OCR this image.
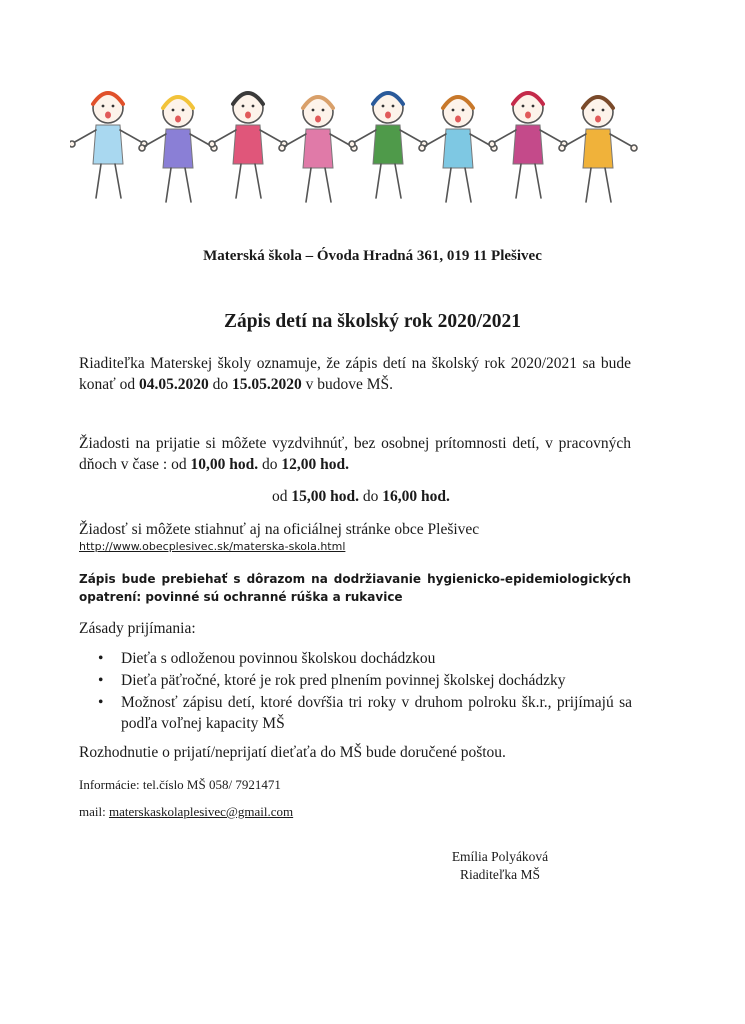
Materská škola – Óvoda Hradná 361, 019 11 Plešivec
Zápis detí na školský rok 2020/2021
Riaditeľka Materskej školy oznamuje, že zápis detí na školský rok 2020/2021 sa bude konať od 04.05.2020 do 15.05.2020 v budove MŠ.
Žiadosti na prijatie si môžete vyzdvihnúť, bez osobnej prítomnosti detí, v pracovných dňoch v čase : od 10,00 hod. do 12,00 hod.
od 15,00 hod. do 16,00 hod.
Žiadosť si môžete stiahnuť aj na oficiálnej stránke obce Plešivec
http://www.obecplesivec.sk/materska-skola.html
Zápis bude prebiehať s dôrazom na dodržiavanie hygienicko-epidemiologických opatrení: povinné sú ochranné rúška a rukavice
Zásady prijímania:
• Dieťa s odloženou povinnou školskou dochádzkou
• Dieťa päťročné, ktoré je rok pred plnením povinnej školskej dochádzky
• Možnosť zápisu detí, ktoré dovŕšia tri roky v druhom polroku šk.r., prijímajú sa podľa voľnej kapacity MŠ
Rozhodnutie o prijatí/neprijatí dieťaťa do MŠ bude doručené poštou.
Informácie: tel.číslo MŠ 058/ 7921471
mail: materskaskolaplesivec@gmail.com
Emília Polyáková
Riaditeľka MŠ
